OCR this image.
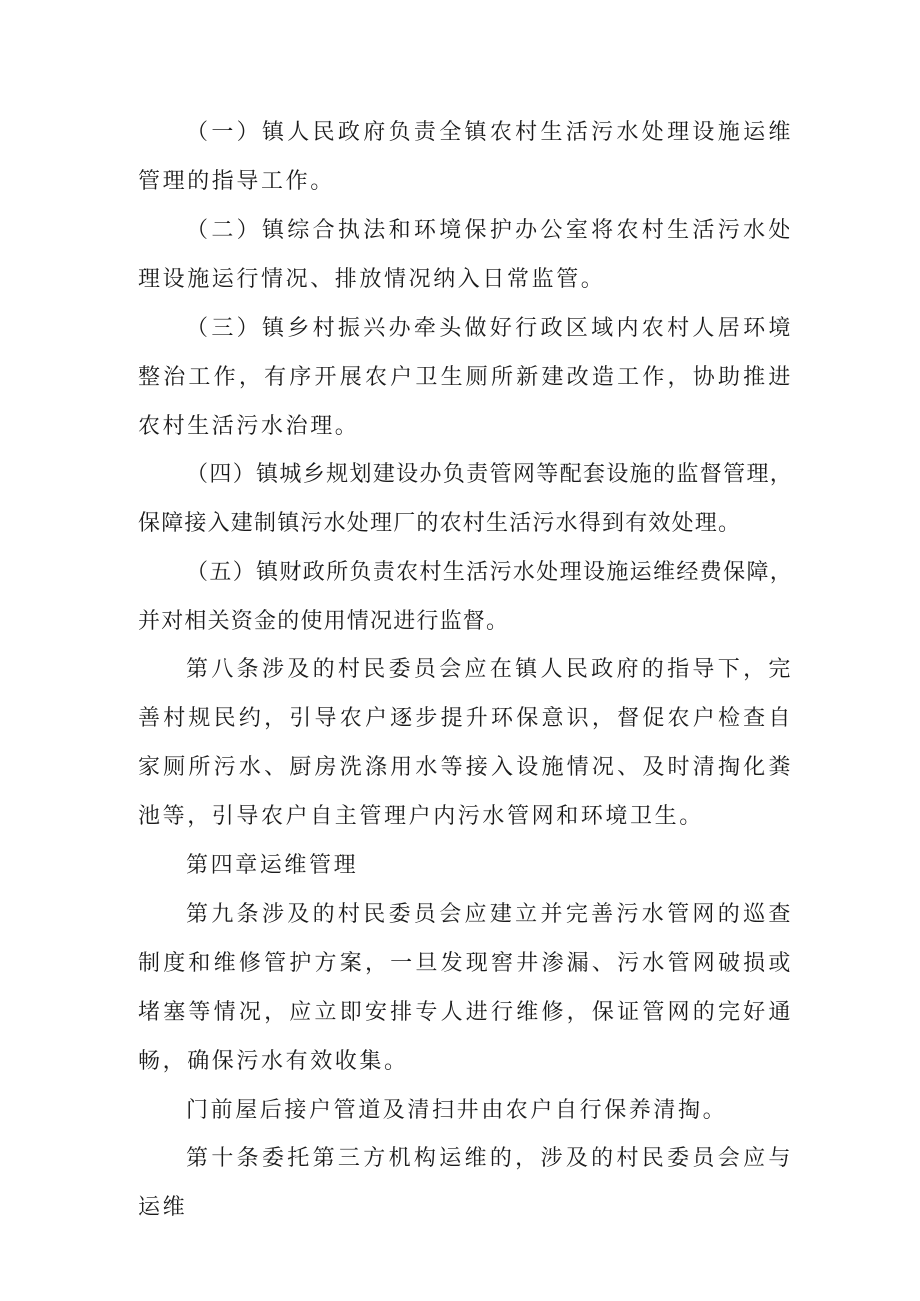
（一）镇人民政府负责全镇农村生活污水处理设施运维管理的指导工作。

（二）镇综合执法和环境保护办公室将农村生活污水处理设施运行情况、排放情况纳入日常监管。

（三）镇乡村振兴办牵头做好行政区域内农村人居环境整治工作，有序开展农户卫生厕所新建改造工作，协助推进农村生活污水治理。

（四）镇城乡规划建设办负责管网等配套设施的监督管理，保障接入建制镇污水处理厂的农村生活污水得到有效处理。

（五）镇财政所负责农村生活污水处理设施运维经费保障，并对相关资金的使用情况进行监督。

第八条涉及的村民委员会应在镇人民政府的指导下，完善村规民约，引导农户逐步提升环保意识，督促农户检查自家厕所污水、厨房洗涤用水等接入设施情况、及时清掏化粪池等，引导农户自主管理户内污水管网和环境卫生。

第四章运维管理

第九条涉及的村民委员会应建立并完善污水管网的巡查制度和维修管护方案，一旦发现窖井渗漏、污水管网破损或堵塞等情况，应立即安排专人进行维修，保证管网的完好通畅，确保污水有效收集。

门前屋后接户管道及清扫井由农户自行保养清掏。

第十条委托第三方机构运维的，涉及的村民委员会应与运维
